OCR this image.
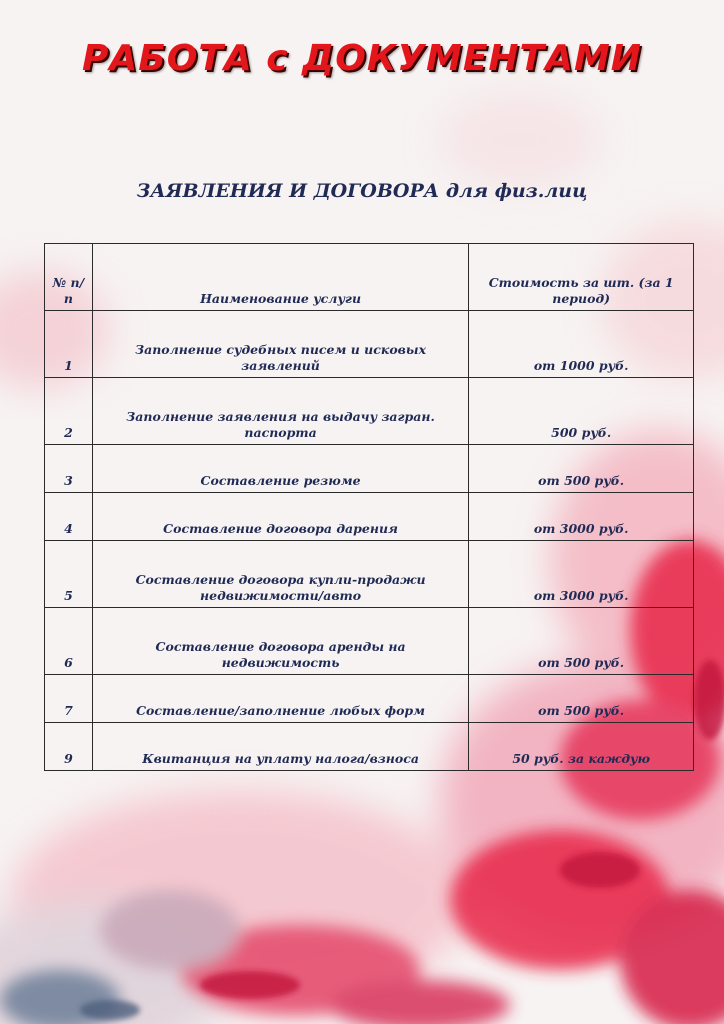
РАБОТА с ДОКУМЕНТАМИ
ЗАЯВЛЕНИЯ И ДОГОВОРА для физ.лиц
№ п/п	Наименование услуги	Стоимость за шт. (за 1 период)
1	Заполнение судебных писем и исковых заявлений	от 1000 руб.
2	Заполнение заявления на выдачу загран. паспорта	500 руб.
3	Составление резюме	от 500 руб.
4	Составление договора дарения	от 3000 руб.
5	Составление договора купли-продажи недвижимости/авто	от 3000 руб.
6	Составление договора аренды на недвижимость	от 500 руб.
7	Составление/заполнение любых форм	от 500 руб.
9	Квитанция на уплату налога/взноса	50 руб. за каждую
